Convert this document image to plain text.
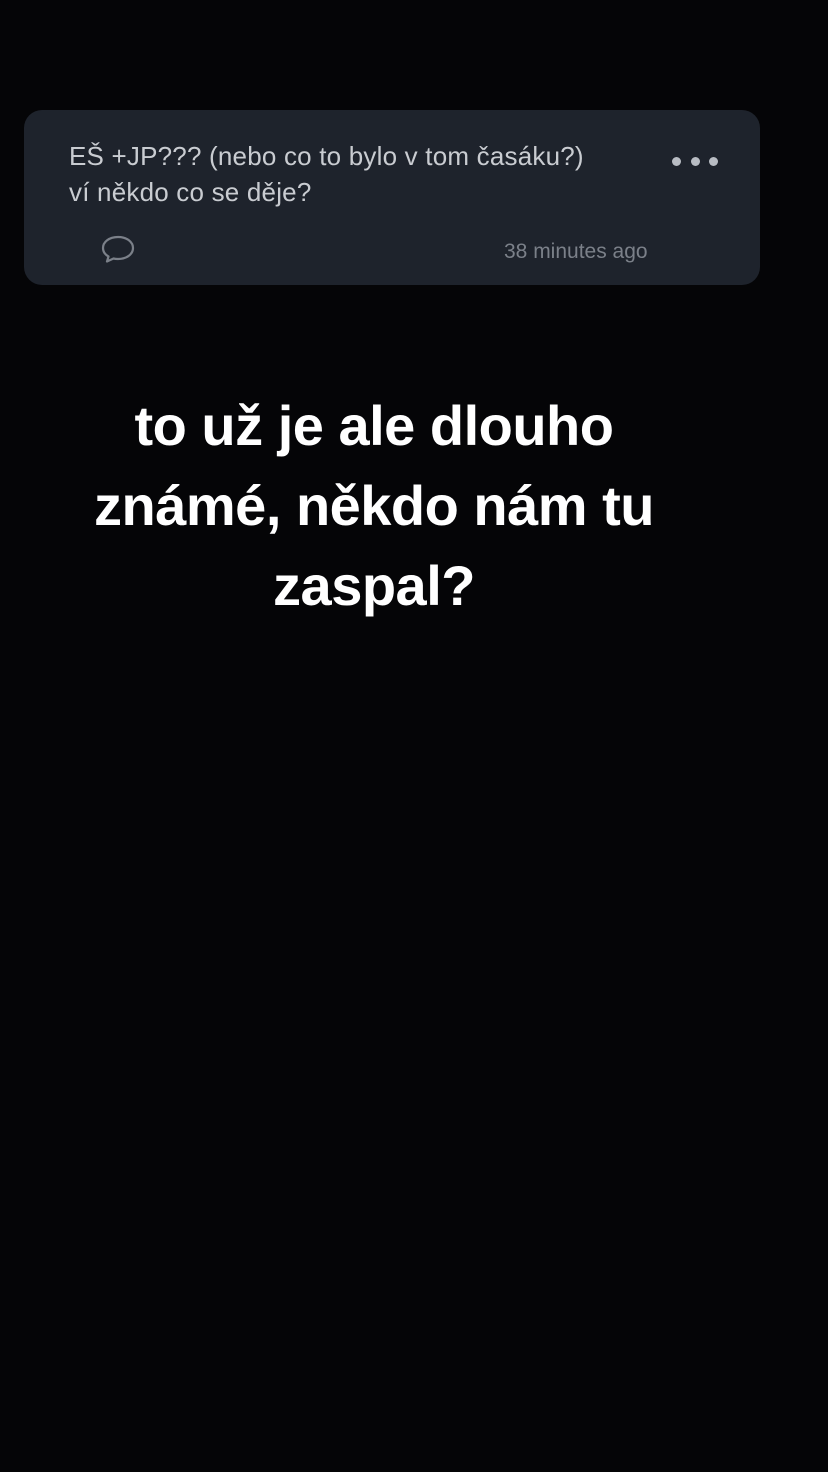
EŠ +JP??? (nebo co to bylo v tom časáku?)
ví někdo co se děje?

38 minutes ago

to už je ale dlouho
známé, někdo nám tu
zaspal?
